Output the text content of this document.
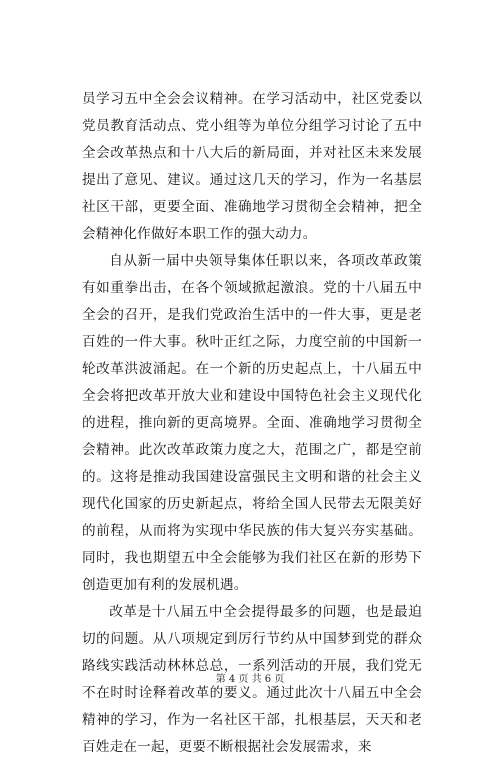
员学习五中全会会议精神。在学习活动中，社区党委以党员教育活动点、党小组等为单位分组学习讨论了五中全会改革热点和十八大后的新局面，并对社区未来发展提出了意见、建议。通过这几天的学习，作为一名基层社区干部，更要全面、准确地学习贯彻全会精神，把全会精神化作做好本职工作的强大动力。

自从新一届中央领导集体任职以来，各项改革政策有如重拳出击，在各个领域掀起激浪。党的十八届五中全会的召开，是我们党政治生活中的一件大事，更是老百姓的一件大事。秋叶正红之际，力度空前的中国新一轮改革洪波涌起。在一个新的历史起点上，十八届五中全会将把改革开放大业和建设中国特色社会主义现代化的进程，推向新的更高境界。全面、准确地学习贯彻全会精神。此次改革政策力度之大，范围之广，都是空前的。这将是推动我国建设富强民主文明和谐的社会主义现代化国家的历史新起点，将给全国人民带去无限美好的前程，从而将为实现中华民族的伟大复兴夯实基础。同时，我也期望五中全会能够为我们社区在新的形势下创造更加有利的发展机遇。

改革是十八届五中全会提得最多的问题，也是最迫切的问题。从八项规定到厉行节约从中国梦到党的群众路线实践活动林林总总，一系列活动的开展，我们党无不在时时诠释着改革的要义。通过此次十八届五中全会精神的学习，作为一名社区干部，扎根基层，天天和老百姓走在一起，更要不断根据社会发展需求，来

第 4 页 共 6 页
